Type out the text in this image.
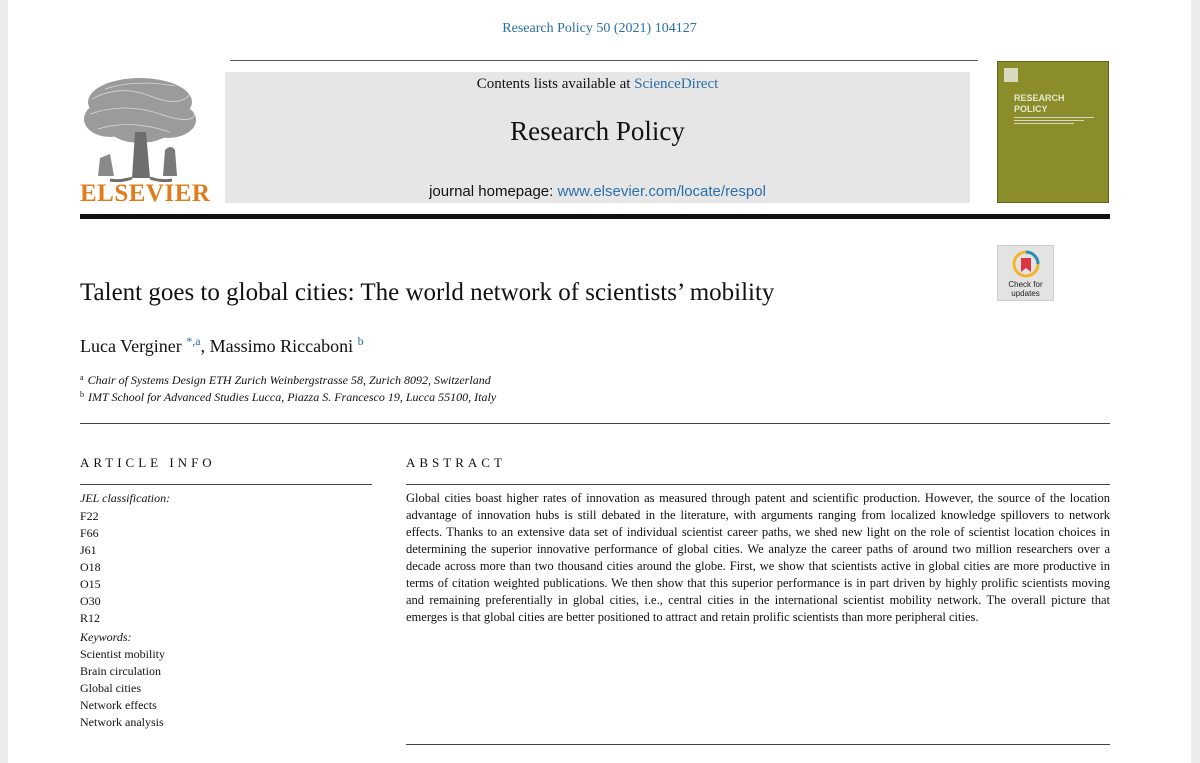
Research Policy 50 (2021) 104127
ELSEVIER
Contents lists available at ScienceDirect
Research Policy
journal homepage: www.elsevier.com/locate/respol
RESEARCH
POLICY
Check for updates
Talent goes to global cities: The world network of scientists’ mobility
Luca Verginer $^{*,a}$, Massimo Riccaboni $^b$
$^a$ Chair of Systems Design ETH Zurich Weinbergstrasse 58, Zurich 8092, Switzerland
$^b$ IMT School for Advanced Studies Lucca, Piazza S. Francesco 19, Lucca 55100, Italy
ARTICLE INFO	ABSTRACT
JEL classification:
F22
F66
J61
O18
O15
O30
R12
Keywords:
Scientist mobility
Brain circulation
Global cities
Network effects
Network analysis

Global cities boast higher rates of innovation as measured through patent and scientific production. However, the source of the location advantage of innovation hubs is still debated in the literature, with arguments ranging from localized knowledge spillovers to network effects. Thanks to an extensive data set of individual scientist career paths, we shed new light on the role of scientist location choices in determining the superior innovative performance of global cities. We analyze the career paths of around two million researchers over a decade across more than two thousand cities around the globe. First, we show that scientists active in global cities are more productive in terms of citation weighted publications. We then show that this superior performance is in part driven by highly prolific scientists moving and remaining preferentially in global cities, i.e., central cities in the international scientist mobility network. The overall picture that emerges is that global cities are better positioned to attract and retain prolific scientists than more peripheral cities.
